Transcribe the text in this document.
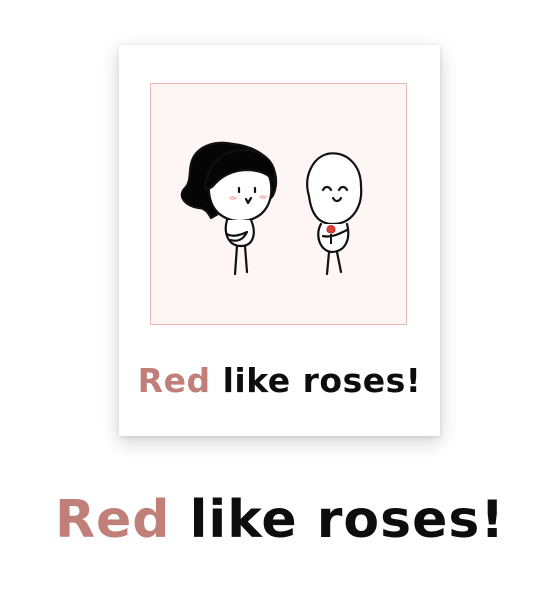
Red like roses!
Red like roses!
